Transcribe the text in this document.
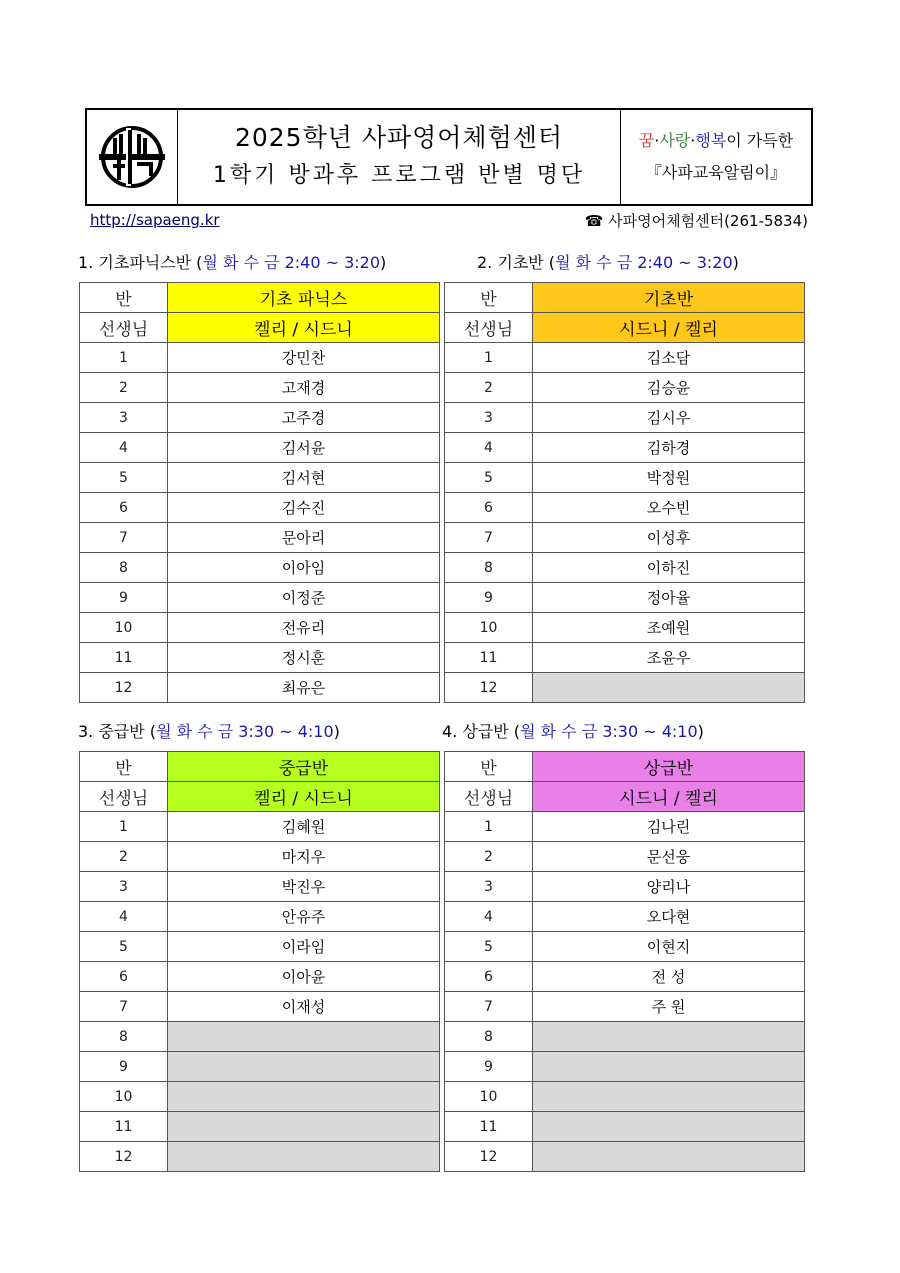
2025학년 사파영어체험센터
1학기 방과후 프로그램 반별 명단
꿈·사랑·행복이 가득한
『사파교육알림이』
http://sapaeng.kr	☎ 사파영어체험센터(261-5834)
1. 기초파닉스반 (월 화 수 금 2:40 ~ 3:20)	2. 기초반 (월 화 수 금 2:40 ~ 3:20)
3. 중급반 (월 화 수 금 3:30 ~ 4:10)	4. 상급반 (월 화 수 금 3:30 ~ 4:10)
반	기초 파닉스
선생님	켈리 / 시드니
1	강민찬
2	고재경
3	고주경
4	김서윤
5	김서현
6	김수진
7	문아리
8	이아임
9	이정준
10	전유리
11	정시훈
12	최유은
반	기초반
선생님	시드니 / 켈리
1	김소담
2	김승윤
3	김시우
4	김하경
5	박정원
6	오수빈
7	이성후
8	이하진
9	정아율
10	조예원
11	조윤우
12	
반	중급반
선생님	켈리 / 시드니
1	김혜원
2	마지우
3	박진우
4	안유주
5	이라임
6	이아윤
7	이재성
8	
9	
10	
11	
12	
반	상급반
선생님	시드니 / 켈리
1	김나린
2	문선웅
3	양리나
4	오다현
5	이현지
6	전 성
7	주 원
8	
9	
10	
11	
12	
